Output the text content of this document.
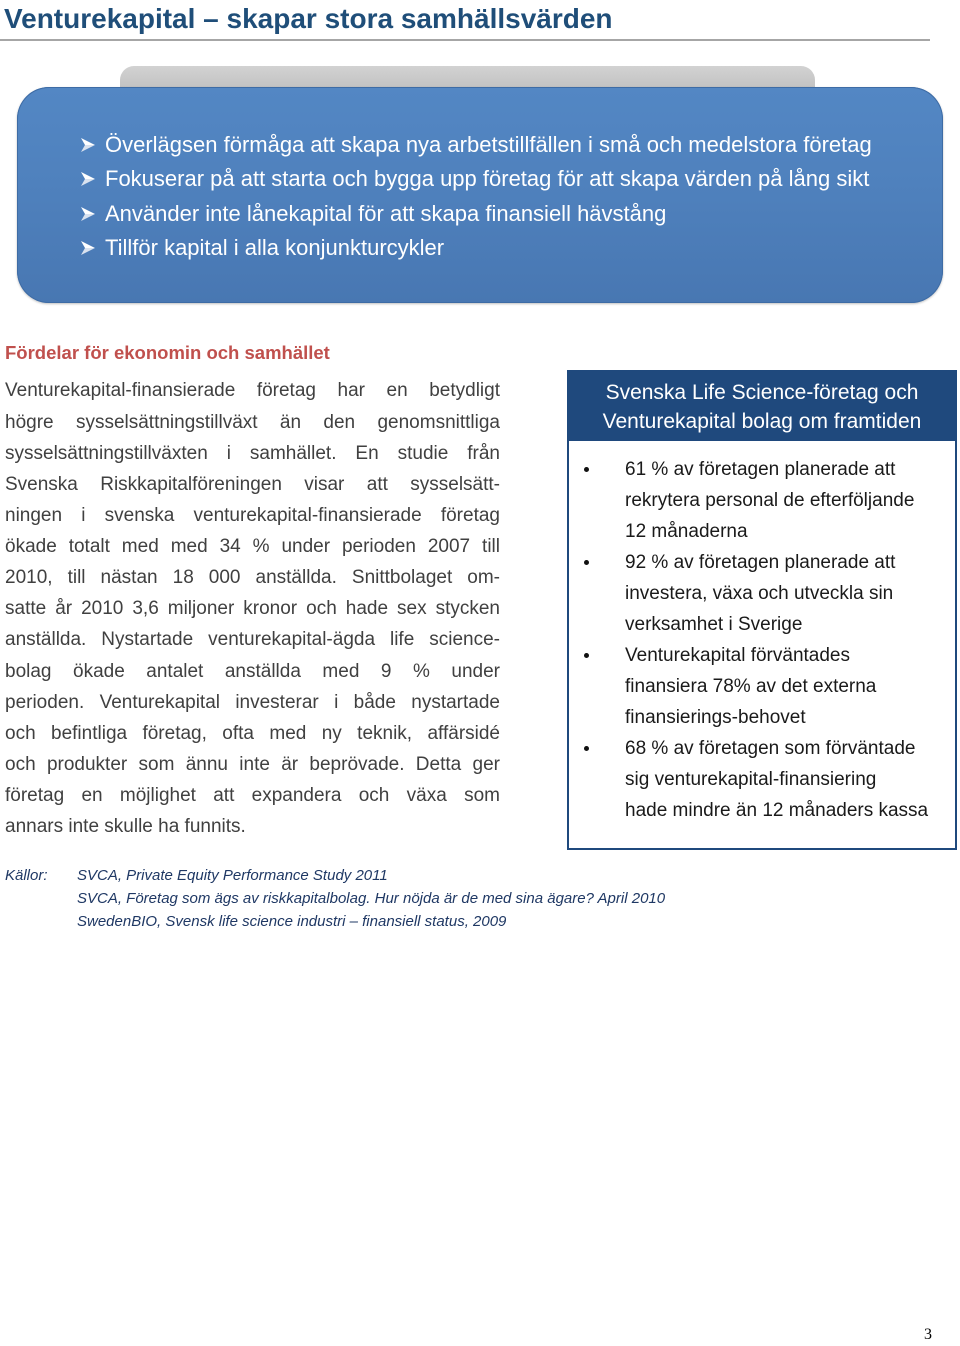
Venturekapital – skapar stora samhällsvärden
Överlägsen förmåga att skapa nya arbetstillfällen i små och medelstora företag
Fokuserar på att starta och bygga upp företag för att skapa värden på lång sikt
Använder inte lånekapital för att skapa finansiell hävstång
Tillför kapital i alla konjunkturcykler
Fördelar för ekonomin och samhället
Venturekapital-finansierade företag har en betydligt
högre sysselsättningstillväxt än den genomsnittliga
sysselsättningstillväxten i samhället. En studie från
Svenska Riskkapitalföreningen visar att sysselsätt-
ningen i svenska venturekapital-finansierade företag
ökade totalt med med 34 % under perioden 2007 till
2010, till nästan 18 000 anställda. Snittbolaget om-
satte år 2010 3,6 miljoner kronor och hade sex stycken
anställda. Nystartade venturekapital-ägda life science-
bolag ökade antalet anställda med 9 % under
perioden. Venturekapital investerar i både nystartade
och befintliga företag, ofta med ny teknik, affärsidé
och produkter som ännu inte är beprövade. Detta ger
företag en möjlighet att expandera och växa som
annars inte skulle ha funnits.
Svenska Life Science-företag och
Venturekapital bolag om framtiden
61 % av företagen planerade att
rekrytera personal de efterföljande
12 månaderna
92 % av företagen planerade att
investera, växa och utveckla sin
verksamhet i Sverige
Venturekapital förväntades
finansiera 78% av det externa
finansierings-behovet
68 % av företagen som förväntade
sig venturekapital-finansiering
hade mindre än 12 månaders kassa
Källor: SVCA, Private Equity Performance Study 2011
SVCA, Företag som ägs av riskkapitalbolag. Hur nöjda är de med sina ägare? April 2010
SwedenBIO, Svensk life science industri – finansiell status, 2009
3
